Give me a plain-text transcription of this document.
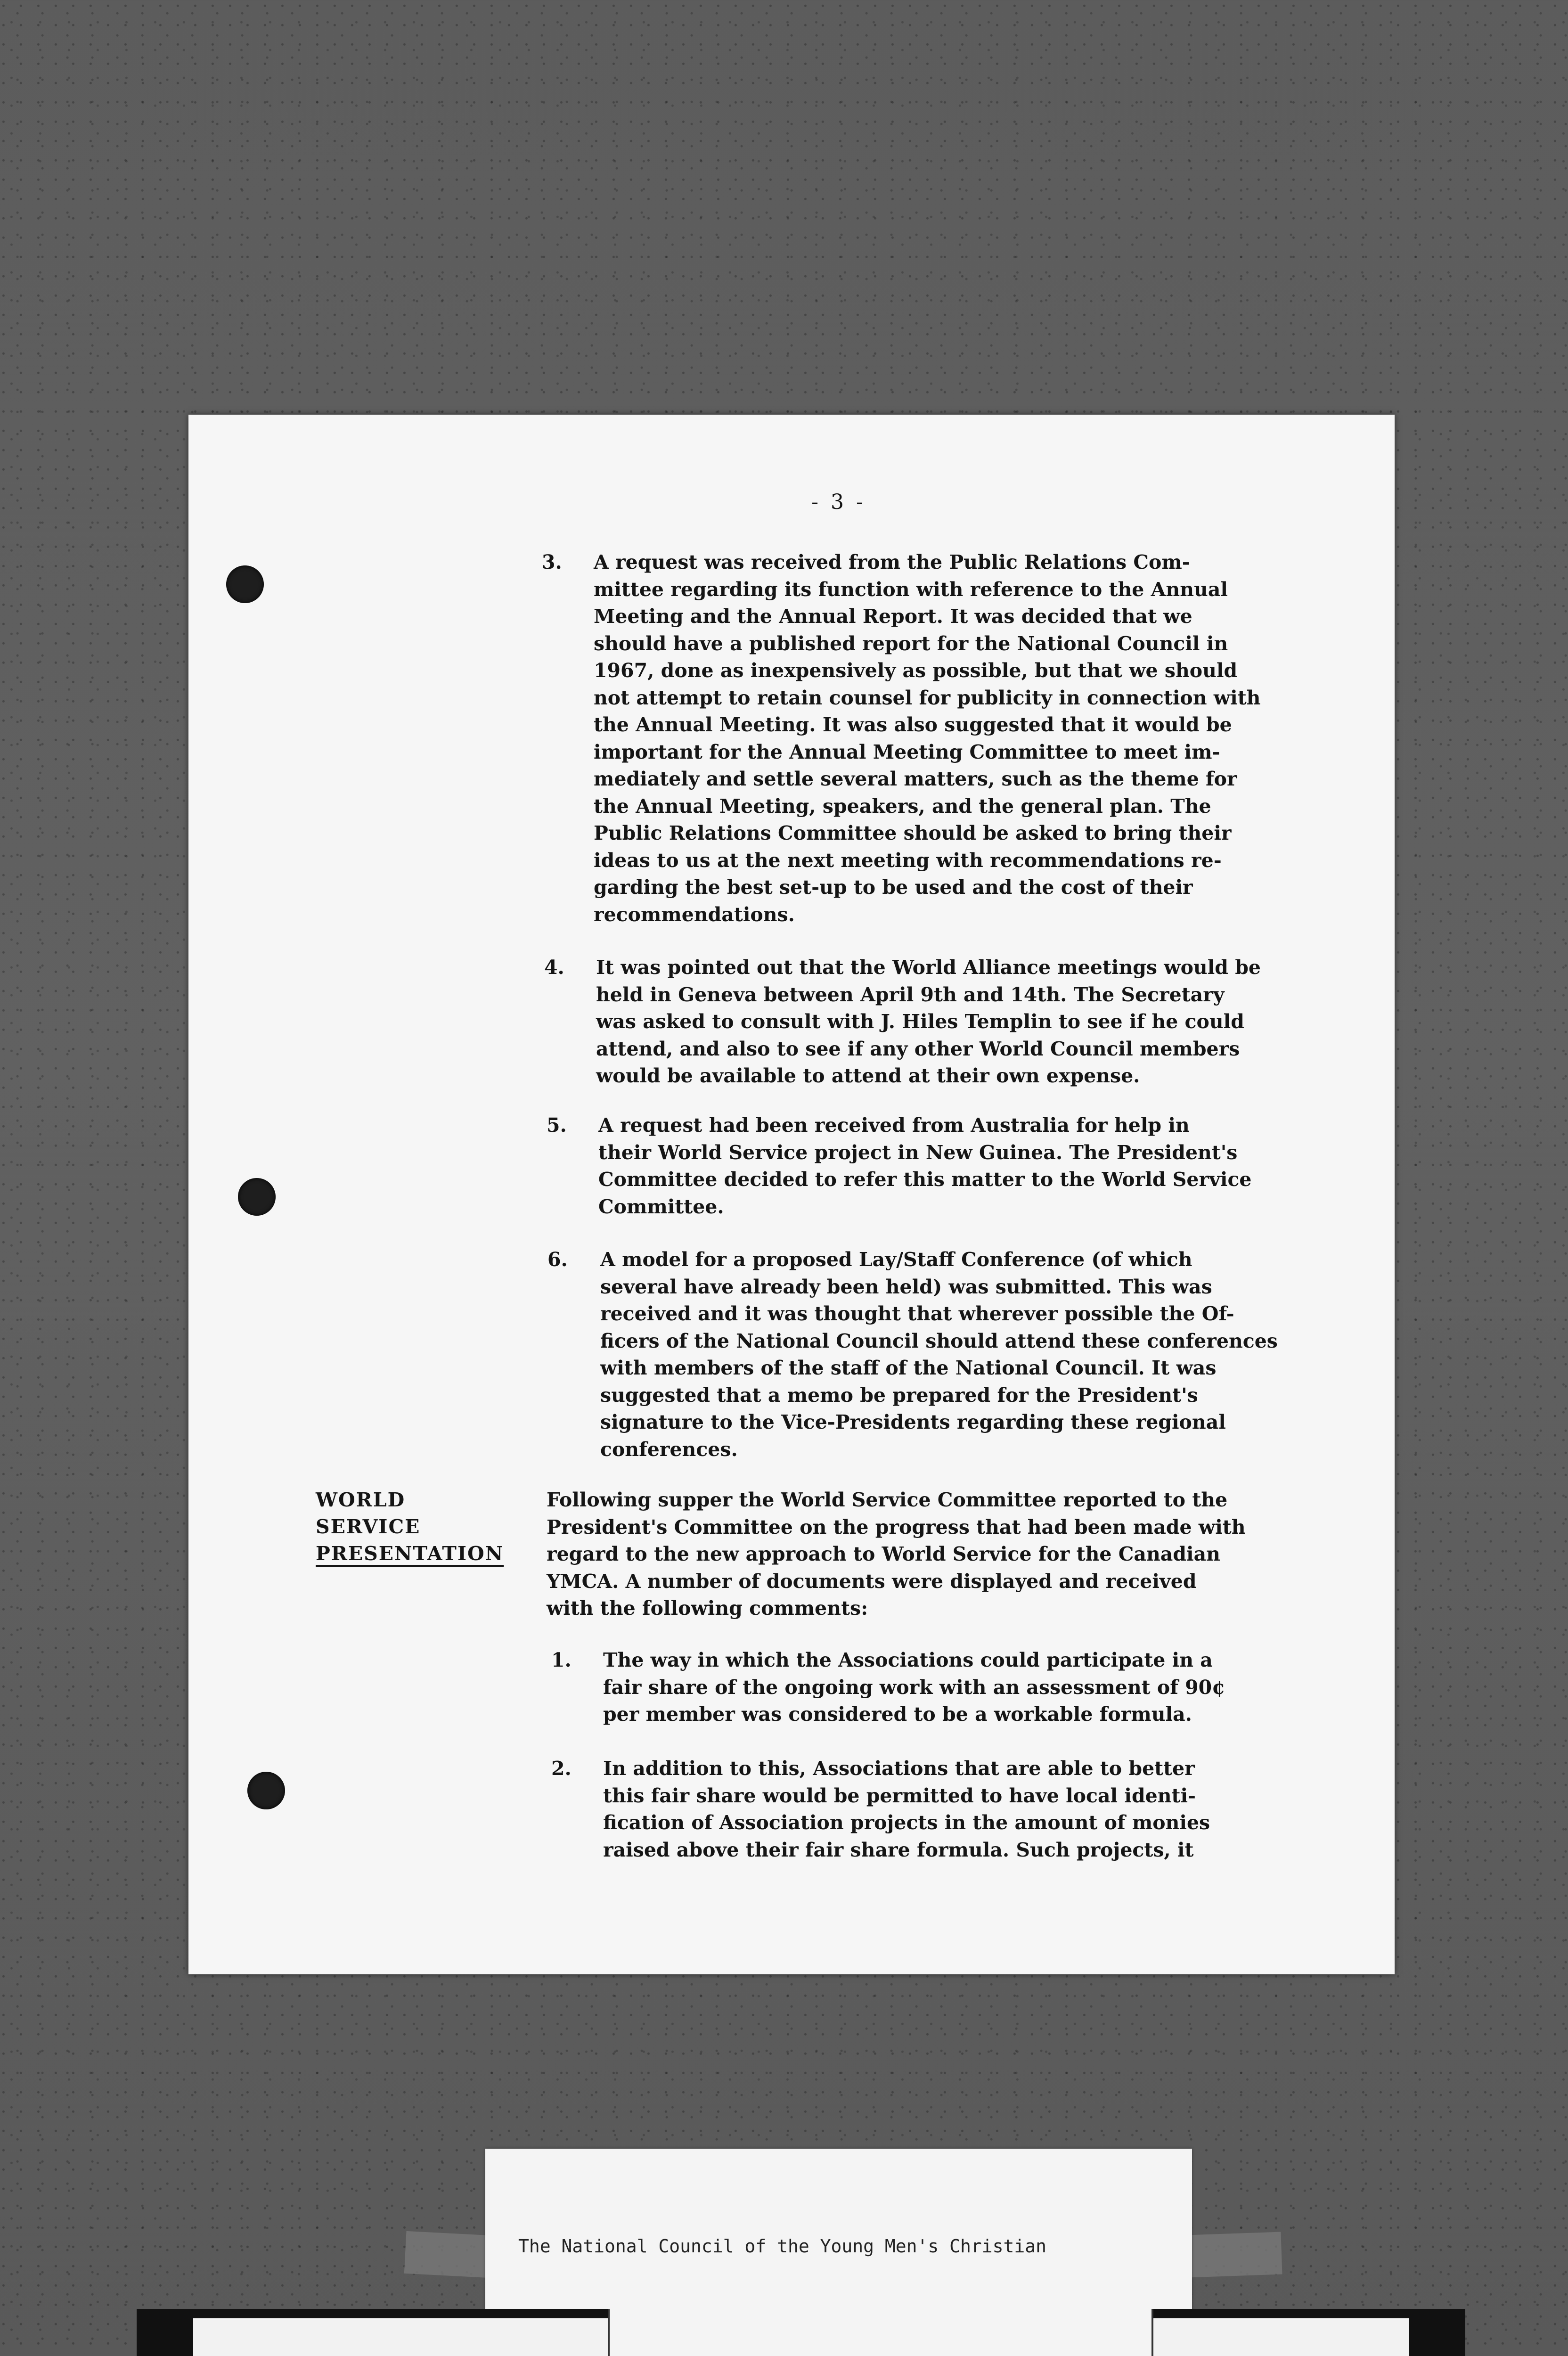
- 3 -
3. A request was received from the Public Relations Com-
mittee regarding its function with reference to the Annual
Meeting and the Annual Report. It was decided that we
should have a published report for the National Council in
1967, done as inexpensively as possible, but that we should
not attempt to retain counsel for publicity in connection with
the Annual Meeting. It was also suggested that it would be
important for the Annual Meeting Committee to meet im-
mediately and settle several matters, such as the theme for
the Annual Meeting, speakers, and the general plan. The
Public Relations Committee should be asked to bring their
ideas to us at the next meeting with recommendations re-
garding the best set-up to be used and the cost of their
recommendations.
4. It was pointed out that the World Alliance meetings would be
held in Geneva between April 9th and 14th. The Secretary
was asked to consult with J. Hiles Templin to see if he could
attend, and also to see if any other World Council members
would be available to attend at their own expense.
5. A request had been received from Australia for help in
their World Service project in New Guinea. The President's
Committee decided to refer this matter to the World Service
Committee.
6. A model for a proposed Lay/Staff Conference (of which
several have already been held) was submitted. This was
received and it was thought that wherever possible the Of-
ficers of the National Council should attend these conferences
with members of the staff of the National Council. It was
suggested that a memo be prepared for the President's
signature to the Vice-Presidents regarding these regional
conferences.
WORLD
SERVICE
PRESENTATION
Following supper the World Service Committee reported to the
President's Committee on the progress that had been made with
regard to the new approach to World Service for the Canadian
YMCA. A number of documents were displayed and received
with the following comments:
1. The way in which the Associations could participate in a
fair share of the ongoing work with an assessment of 90¢
per member was considered to be a workable formula.
2. In addition to this, Associations that are able to better
this fair share would be permitted to have local identi-
fication of Association projects in the amount of monies
raised above their fair share formula. Such projects, it

The National Council of the Young Men's Christian
